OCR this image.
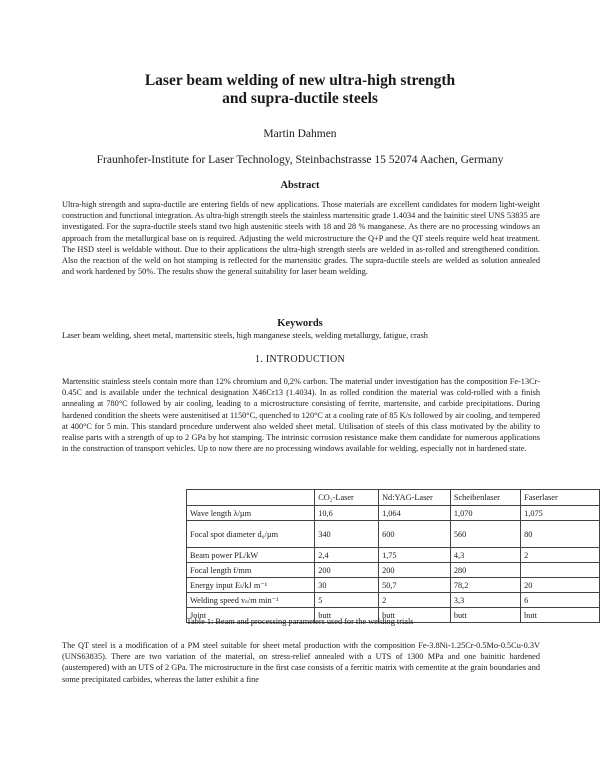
Laser beam welding of new ultra-high strength
and supra-ductile steels
Martin Dahmen
Fraunhofer-Institute for Laser Technology, Steinbachstrasse 15 52074 Aachen, Germany
Abstract
Ultra-high strength and supra-ductile are entering fields of new applications. Those materials are excellent candidates for modern light-weight construction and functional integration. As ultra-high strength steels the stainless martensitic grade 1.4034 and the bainitic steel UNS 53835 are investigated. For the supra-ductile steels stand two high austenitic steels with 18 and 28 % manganese. As there are no processing windows an approach from the metallurgical base on is required. Adjusting the weld microstructure the Q+P and the QT steels require weld heat treatment. The HSD steel is weldable without. Due to their applications the ultra-high strength steels are welded in as-rolled and strengthened condition. Also the reaction of the weld on hot stamping is reflected for the martensitic grades. The supra-ductile steels are welded as solution annealed and work hardened by 50%. The results show the general suitability for laser beam welding.
Keywords
Laser beam welding, sheet metal, martensitic steels, high manganese steels, welding metallurgy, fatigue, crash
1. INTRODUCTION
Martensitic stainless steels contain more than 12% chromium and 0,2% carbon. The material under investigation has the composition Fe-13Cr-0.45C and is available under the technical designation X46Cr13 (1.4034). In as rolled condition the material was cold-rolled with a finish annealing at 780°C followed by air cooling, leading to a microstructure consisting of ferrite, martensite, and carbide precipitations. During hardened condition the sheets were austenitised at 1150°C, quenched to 120°C at a cooling rate of 85 K/s followed by air cooling, and tempered at 400°C for 5 min. This standard procedure underwent also welded sheet metal. Utilisation of steels of this class motivated by the ability to realise parts with a strength of up to 2 GPa by hot stamping. The intrinsic corrosion resistance make them candidate for numerous applications in the construction of transport vehicles. Up to now there are no processing windows available for welding, especially not in hardened state.
	CO₂-Laser	Nd:YAG-Laser	Scheibenlaser	Faserlaser
Wave length λ/µm	10,6	1,064	1,070	1,075
Focal spot diameter d₀/µm	340	600	560	80
Beam power PL/kW	2,4	1,75	4,3	2
Focal length f/mm	200	200	280	
Energy input Eₗ/kJ m⁻¹	30	50,7	78,2	20
Welding speed vₛ/m min⁻¹	5	2	3,3	6
Joint	butt	butt	butt	butt
Table 1: Beam and processing parameters used for the welding trials
The QT steel is a modification of a PM steel suitable for sheet metal production with the composition Fe-3.8Ni-1.25Cr-0.5Mo-0.5Cu-0.3V (UNS63835). There are two variation of the material, on stress-relief annealed with a UTS of 1300 MPa and one bainitic hardened (austempered) with an UTS of 2 GPa. The microstructure in the first case consists of a ferritic matrix with cementite at the grain boundaries and some precipitated carbides, whereas the latter exhibit a fine
